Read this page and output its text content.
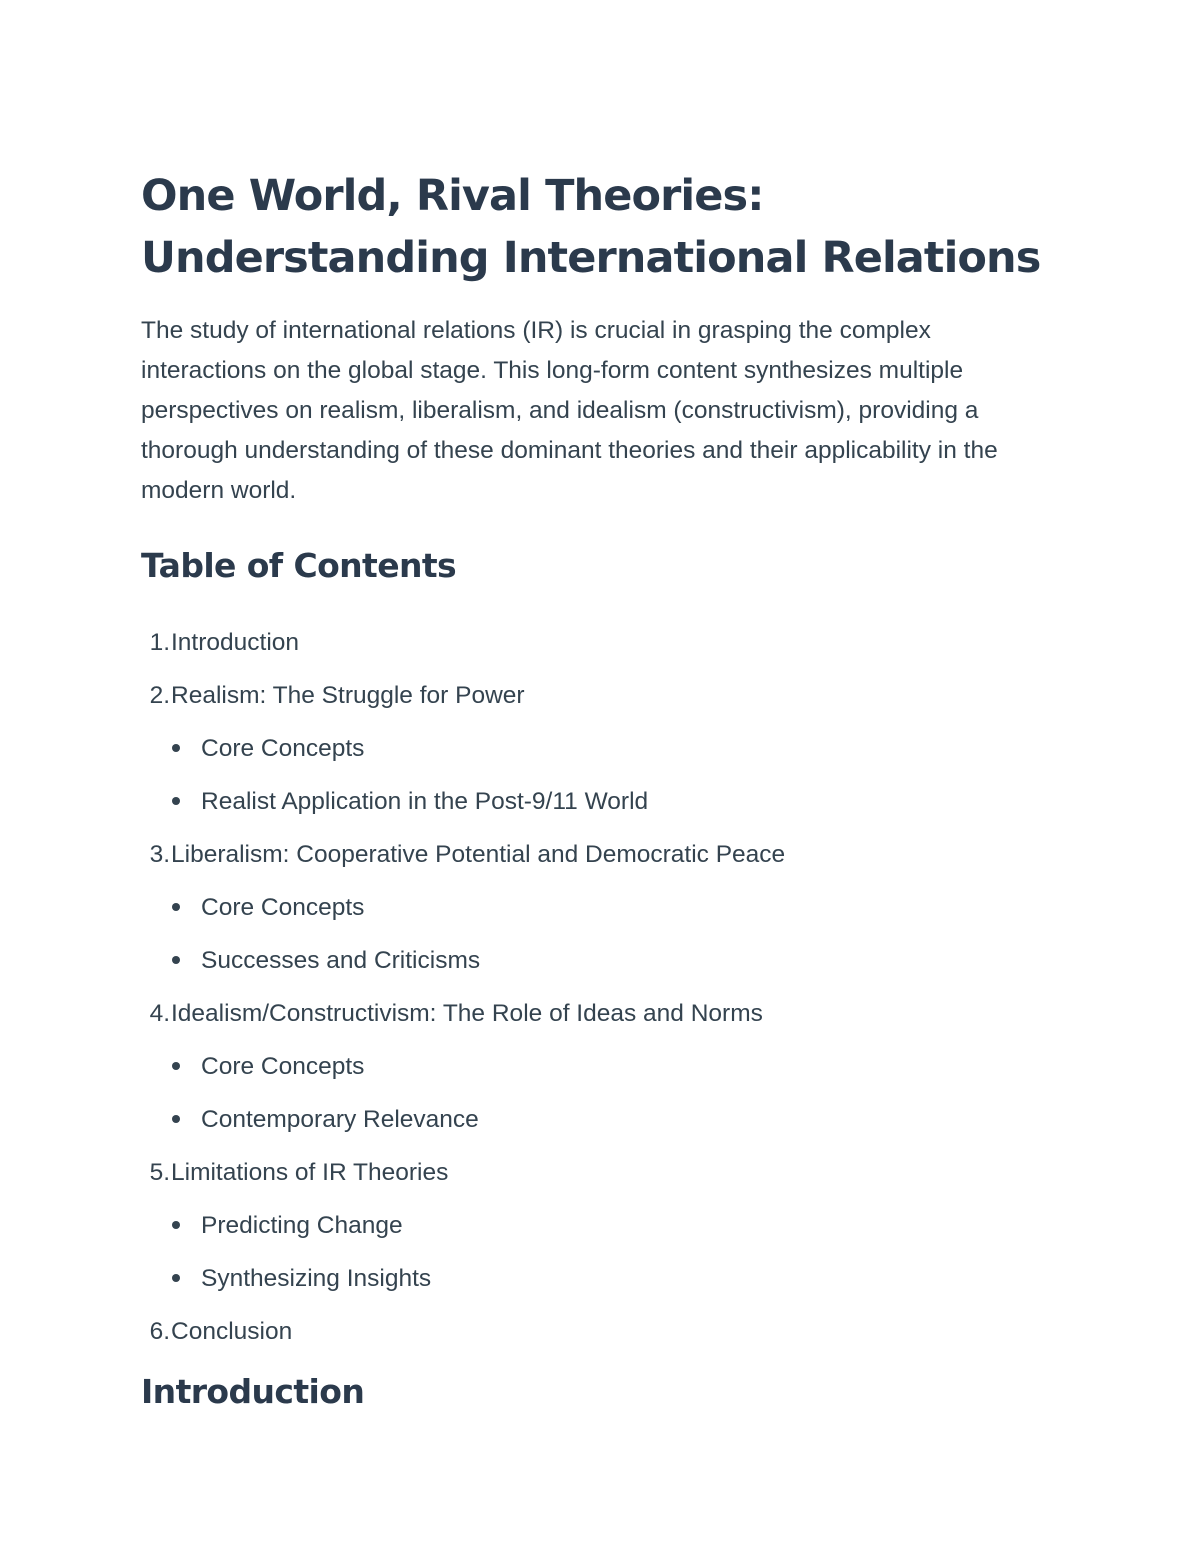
One World, Rival Theories:
Understanding International Relations

The study of international relations (IR) is crucial in grasping the complex interactions on the global stage. This long-form content synthesizes multiple perspectives on realism, liberalism, and idealism (constructivism), providing a thorough understanding of these dominant theories and their applicability in the modern world.

Table of Contents
1.Introduction
2.Realism: The Struggle for Power
Core Concepts
Realist Application in the Post-9/11 World
3.Liberalism: Cooperative Potential and Democratic Peace
Core Concepts
Successes and Criticisms
4.Idealism/Constructivism: The Role of Ideas and Norms
Core Concepts
Contemporary Relevance
5.Limitations of IR Theories
Predicting Change
Synthesizing Insights
6.Conclusion
Introduction
